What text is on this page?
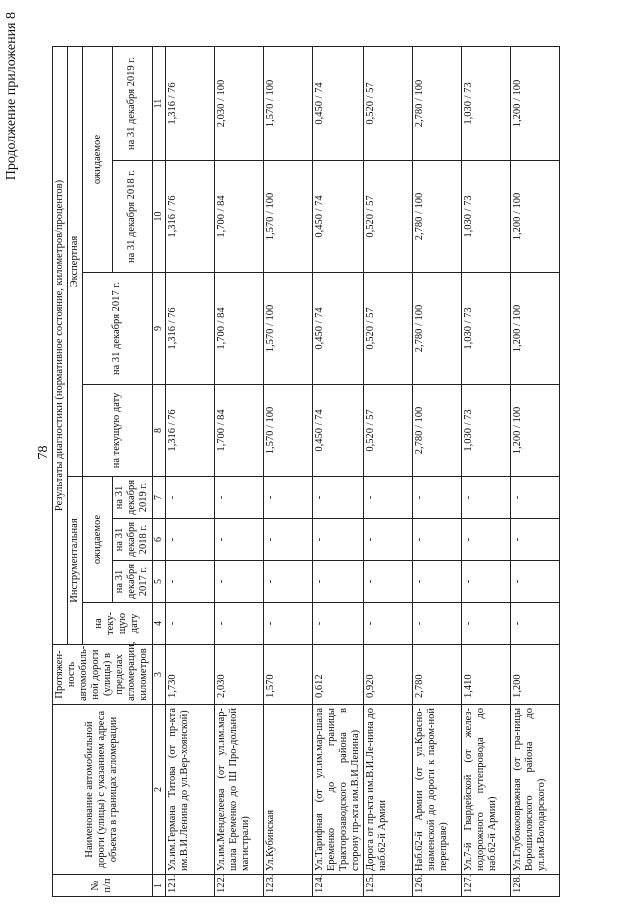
Продолжение приложения 8
78
№ п/п	Наименование автомобильной дороги (улицы) с указанием адреса объекта в границах агломерации	Протяжен-ность автомобиль-ной дороги (улицы) в пределах агломерации, километров	Результаты диагностики (нормативное состояние, километров/процентов)							
			Инструментальная				Экспертная			
			на теку-щую дату	ожидаемое			на текущую дату	на 31 декабря 2017 г.	ожидаемое	
				на 31 декабря 2017 г.	на 31 декабря 2018 г.	на 31 декабря 2019 г.			на 31 декабря 2018 г.	на 31 декабря 2019 г.
1	2	3	4	5	6	7	8	9	10	11
121.	Ул.им.Германа Титова (от пр-кта им.В.И.Ленина до ул.Вер-хоянской)	1,730	-	-	-	-	1,316 / 76	1,316 / 76	1,316 / 76	1,316 / 76
122.	Ул.им.Менделеева (от ул.им.мар-шала Еременко до Ш Про-дольной магистрали)	2,030	-	-	-	-	1,700 / 84	1,700 / 84	1,700 / 84	2,030 / 100
123.	Ул.Кубинская	1,570	-	-	-	-	1,570 / 100	1,570 / 100	1,570 / 100	1,570 / 100
124.	Ул.Тарифная (от ул.им.мар-шала Еременко до границы Тракторозаводского района в сторону пр-кта им.В.И.Ленина)	0,612	-	-	-	-	0,450 / 74	0,450 / 74	0,450 / 74	0,450 / 74
125.	Дорога от пр-кта им.В.И.Ле-нина до наб.62-й Армии	0,920	-	-	-	-	0,520 / 57	0,520 / 57	0,520 / 57	0,520 / 57
126.	Наб.62-й Армии (от ул.Красно-знаменской до дороги к паром-ной переправе)	2,780	-	-	-	-	2,780 / 100	2,780 / 100	2,780 / 100	2,780 / 100
127.	Ул.7-й Гвардейской (от желез-нодорожного путепровода до наб.62-й Армии)	1,410	-	-	-	-	1,030 / 73	1,030 / 73	1,030 / 73	1,030 / 73
128.	Ул.Глубокоовражная (от гра-ницы Ворошиловского района до ул.им.Володарского)	1,200	-	-	-	-	1,200 / 100	1,200 / 100	1,200 / 100	1,200 / 100
